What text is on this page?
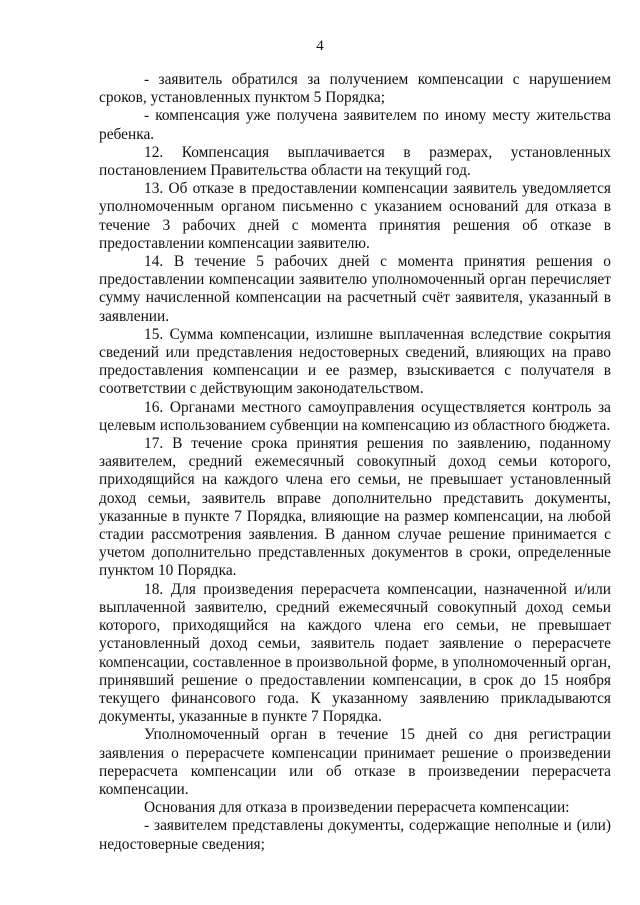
4

- заявитель обратился за получением компенсации с нарушением сроков, установленных пунктом 5 Порядка;

- компенсация уже получена заявителем по иному месту жительства ребенка.

12. Компенсация выплачивается в размерах, установленных постановлением Правительства области на текущий год.

13. Об отказе в предоставлении компенсации заявитель уведомляется уполномоченным органом письменно с указанием оснований для отказа в течение 3 рабочих дней с момента принятия решения об отказе в предоставлении компенсации заявителю.

14. В течение 5 рабочих дней с момента принятия решения о предоставлении компенсации заявителю уполномоченный орган перечисляет сумму начисленной компенсации на расчетный счёт заявителя, указанный в заявлении.

15. Сумма компенсации, излишне выплаченная вследствие сокрытия сведений или представления недостоверных сведений, влияющих на право предоставления компенсации и ее размер, взыскивается с получателя в соответствии с действующим законодательством.

16. Органами местного самоуправления осуществляется контроль за целевым использованием субвенции на компенсацию из областного бюджета.

17. В течение срока принятия решения по заявлению, поданному заявителем, средний ежемесячный совокупный доход семьи которого, приходящийся на каждого члена его семьи, не превышает установленный доход семьи, заявитель вправе дополнительно представить документы, указанные в пункте 7 Порядка, влияющие на размер компенсации, на любой стадии рассмотрения заявления. В данном случае решение принимается с учетом дополнительно представленных документов в сроки, определенные пунктом 10 Порядка.

18. Для произведения перерасчета компенсации, назначенной и/или выплаченной заявителю, средний ежемесячный совокупный доход семьи которого, приходящийся на каждого члена его семьи, не превышает установленный доход семьи, заявитель подает заявление о перерасчете компенсации, составленное в произвольной форме, в уполномоченный орган, принявший решение о предоставлении компенсации, в срок до 15 ноября текущего финансового года. К указанному заявлению прикладываются документы, указанные в пункте 7 Порядка.

Уполномоченный орган в течение 15 дней со дня регистрации заявления о перерасчете компенсации принимает решение о произведении перерасчета компенсации или об отказе в произведении перерасчета компенсации.

Основания для отказа в произведении перерасчета компенсации:

- заявителем представлены документы, содержащие неполные и (или) недостоверные сведения;
